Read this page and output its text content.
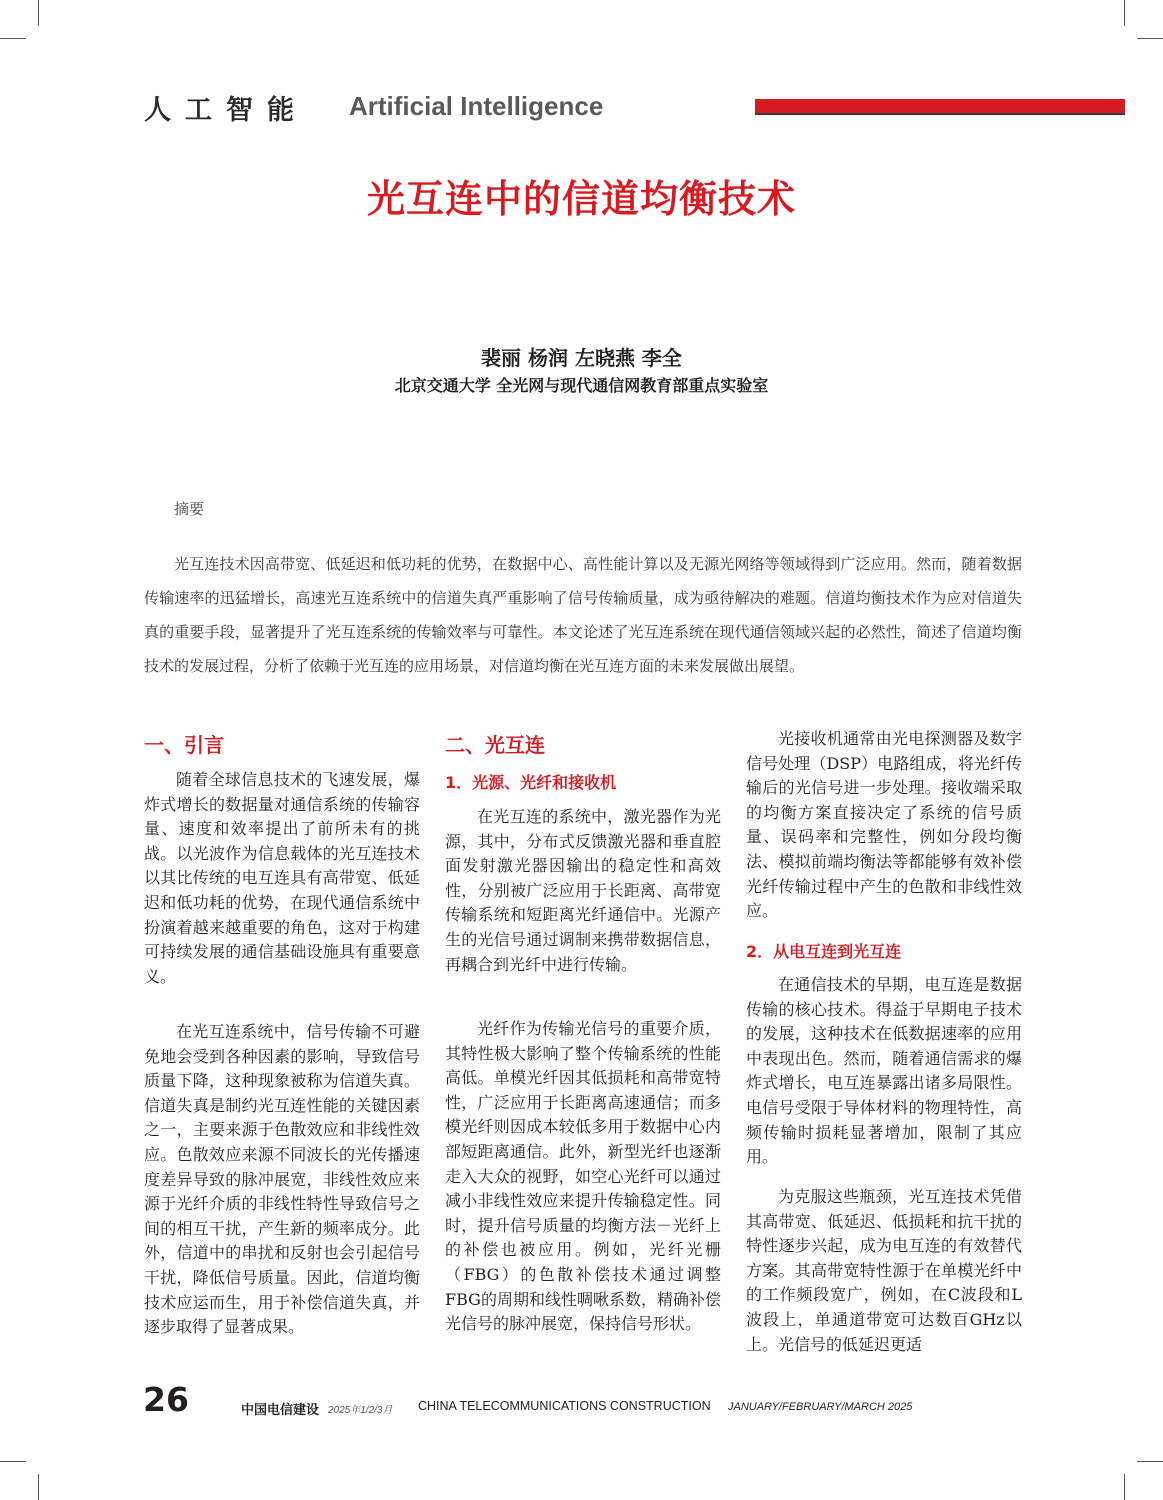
人工智能 Artificial Intelligence
光互连中的信道均衡技术
裴丽 杨润 左晓燕 李全
北京交通大学 全光网与现代通信网教育部重点实验室
摘要
光互连技术因高带宽、低延迟和低功耗的优势，在数据中心、高性能计算以及无源光网络等领域得到广泛应用。然而，随着数据传输速率的迅猛增长，高速光互连系统中的信道失真严重影响了信号传输质量，成为亟待解决的难题。信道均衡技术作为应对信道失真的重要手段，显著提升了光互连系统的传输效率与可靠性。本文论述了光互连系统在现代通信领域兴起的必然性，简述了信道均衡技术的发展过程，分析了依赖于光互连的应用场景，对信道均衡在光互连方面的未来发展做出展望。
一、引言

随着全球信息技术的飞速发展，爆炸式增长的数据量对通信系统的传输容量、速度和效率提出了前所未有的挑战。以光波作为信息载体的光互连技术以其比传统的电互连具有高带宽、低延迟和低功耗的优势，在现代通信系统中扮演着越来越重要的角色，这对于构建可持续发展的通信基础设施具有重要意义。

在光互连系统中，信号传输不可避免地会受到各种因素的影响，导致信号质量下降，这种现象被称为信道失真。信道失真是制约光互连性能的关键因素之一，主要来源于色散效应和非线性效应。色散效应来源不同波长的光传播速度差异导致的脉冲展宽，非线性效应来源于光纤介质的非线性特性导致信号之间的相互干扰，产生新的频率成分。此外，信道中的串扰和反射也会引起信号干扰，降低信号质量。因此，信道均衡技术应运而生，用于补偿信道失真，并逐步取得了显著成果。

二、光互连
1．光源、光纤和接收机

在光互连的系统中，激光器作为光源，其中，分布式反馈激光器和垂直腔面发射激光器因输出的稳定性和高效性，分别被广泛应用于长距离、高带宽传输系统和短距离光纤通信中。光源产生的光信号通过调制来携带数据信息，再耦合到光纤中进行传输。

光纤作为传输光信号的重要介质，其特性极大影响了整个传输系统的性能高低。单模光纤因其低损耗和高带宽特性，广泛应用于长距离高速通信；而多模光纤则因成本较低多用于数据中心内部短距离通信。此外，新型光纤也逐渐走入大众的视野，如空心光纤可以通过减小非线性效应来提升传输稳定性。同时，提升信号质量的均衡方法－光纤上的补偿也被应用。例如，光纤光栅（FBG）的色散补偿技术通过调整FBG的周期和线性啁啾系数，精确补偿光信号的脉冲展宽，保持信号形状。

光接收机通常由光电探测器及数字信号处理（DSP）电路组成，将光纤传输后的光信号进一步处理。接收端采取的均衡方案直接决定了系统的信号质量、误码率和完整性，例如分段均衡法、模拟前端均衡法等都能够有效补偿光纤传输过程中产生的色散和非线性效应。

2．从电互连到光互连

在通信技术的早期，电互连是数据传输的核心技术。得益于早期电子技术的发展，这种技术在低数据速率的应用中表现出色。然而，随着通信需求的爆炸式增长，电互连暴露出诸多局限性。电信号受限于导体材料的物理特性，高频传输时损耗显著增加，限制了其应用。

为克服这些瓶颈，光互连技术凭借其高带宽、低延迟、低损耗和抗干扰的特性逐步兴起，成为电互连的有效替代方案。其高带宽特性源于在单模光纤中的工作频段宽广，例如，在C波段和L波段上，单通道带宽可达数百GHz以上。光信号的低延迟更适

26	中国电信建设 2025年1/2/3月 CHINA TELECOMMUNICATIONS CONSTRUCTION JANUARY/FEBRUARY/MARCH 2025
